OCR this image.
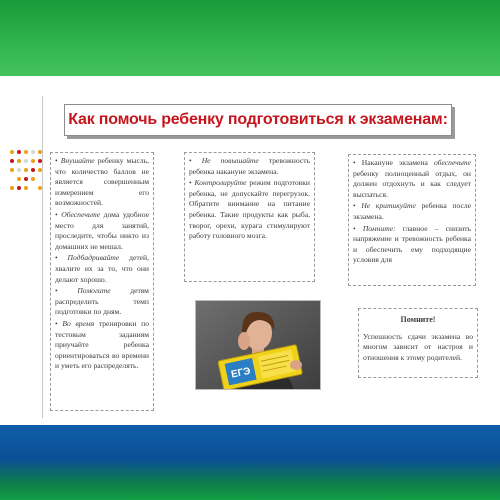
Как помочь ребенку подготовиться к экзаменам:

• Внушайте ребенку мысль, что количество баллов не является совершенным измерением его возможностей.

• Обеспечьте дома удобное место для занятий, проследите, чтобы никто из домашних не мешал.

• Подбадривайте детей, хвалите их за то, что они делают хорошо.

• Помогите	детям распределить темп подготовки по дням.

• Во время тренировки по тестовым заданиям приучайте ребенка ориентироваться во времени и уметь его распределять.

• Не повышайте тревожность ребенка накануне экзамена.

• Контролируйте режим подготовки ребенка, не допускайте перегрузок. Обратите внимание на питание ребенка. Такие продукты как рыба, творог, орехи, курага стимулируют работу головного мозга.

• Накануне экзамена обеспечьте ребенку полноценный отдых, он должен отдохнуть и как следует выспаться.

• Не критикуйте ребенка после экзамена.

• Помните: главное – снизить напряжение и тревожность ребенка и обеспечить ему подходящие условия для

Помните!
Успешность сдачи экзамена во многом зависит от настроя и отношения к этому родителей.
ЕГЭ
